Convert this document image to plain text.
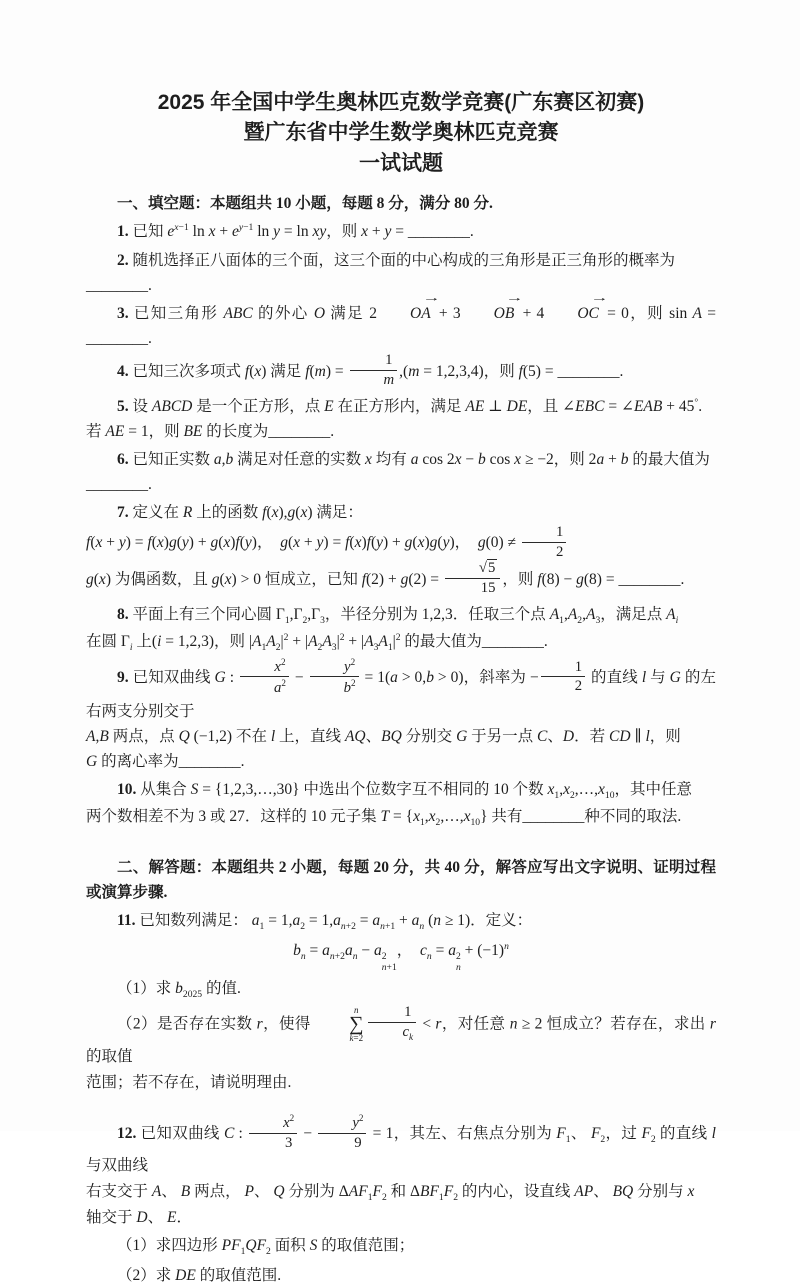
2025 年全国中学生奥林匹克数学竞赛(广东赛区初赛)
暨广东省中学生数学奥林匹克竞赛
一试试题

一、填空题：本题组共 10 小题，每题 8 分，满分 80 分.

1. 已知 $e^{x-1}$ $\ln x + e^{y-1}$ ln y = ln xy，则 x + y = ________.

2. 随机选择正八面体的三个面，这三个面的中心构成的三角形是正三角形的概率为
________.

3. 已知三角形 ABC 的外心 O 满足 2 → OA + 3 → OB + 4 → OC = 0，则 sin A = ________.

4. 已知三次多项式 f(x) 满足 $f(m) = \frac{1}{m} ,(m = 1,2,3,4)$，则 f(5) = ________.

5. 设 ABCD 是一个正方形，点 E 在正方形内，满足 AE ⊥ DE，且 ∠EBC = ∠EAB + 45°.
若 AE = 1，则 BE 的长度为________.

6. 已知正实数 a,b 满足对任意的实数 x 均有 a cos 2x − b cos x ≥ −2，则 2a + b 的最大值为
________.

7. 定义在 R 上的函数 f(x),g(x) 满足：
f(x + y) = f(x)g(y) + g(x)f(y)，  g(x + y) = f(x)f(y) + g(x)g(y)，  $g(0) \ne \frac{1}{2}$

g(x) 为偶函数，且 g(x) > 0 恒成立，已知 $f(2) + g(2) = \frac{√5}{15}$ ，则 f(8) − g(8) = ________.

8. 平面上有三个同心圆 $\Gamma_1,\Gamma_2,\Gamma_3$，半径分别为 1,2,3．任取三个点 $A_1,A_2,A_3$，满足点 $A_i$
在圆 $\Gamma_i$ 上(i = 1,2,3)，则 $|A_1A_2|^2 + |A_2A_3|^2 + |A_3A_1|^2$ 的最大值为________.

9. 已知双曲线 G : $\frac{x^2}{a^2} - \frac{y^2}{b^2} = 1(a > 0,b > 0)$，斜率为 − $\frac{1}{2}$ 的直线 l 与 G 的左右两支分别交于
A,B 两点，点 Q (−1,2) 不在 l 上，直线 AQ、BQ 分别交 G 于另一点 C、D．若 CD ∥ l，则
G 的离心率为________.

10. 从集合 S = {1,2,3,…,30} 中选出个位数字互不相同的 10 个数 $x_1,x_2,\dots,x_{10}$，其中任意
两个数相差不为 3 或 27．这样的 10 元子集 $T = \{x_1,x_2,\dots,x_{10}\}$ 共有________种不同的取法.

二、解答题：本题组共 2 小题，每题 20 分，共 40 分，解答应写出文字说明、证明过程或演算步骤.

11. 已知数列满足： $a_1 = 1,a_2 = 1,a_{n+2} = a_{n+1} + a_n$ (n ≥ 1)．定义：

$b_n = a_{n+2}a_n - a$ 2
n+1
，  $c_n = a$ 2
n
+ $(-1)^n$

（1）求 $b_{2025}$ 的值.

（2）是否存在实数 r，使得
n
∑
$k=2 \frac{1}{c_k} < r$，对任意 n ≥ 2 恒成立？若存在，求出 r 的取值
范围；若不存在，请说明理由.

12. 已知双曲线 C : $\frac{x^2}{3} - \frac{y^2}{9} = 1$，其左、右焦点分别为 $F_1$、 $F_2$，过 $F_2$ 的直线 l 与双曲线
右支交于 A、 B 两点， P、 Q 分别为 $\Delta AF_1F_2$ 和 $\Delta BF_1F_2$ 的内心，设直线 AP、 BQ 分别与 x
轴交于 D、 E．

（1）求四边形 $PF_1QF_2$ 面积 S 的取值范围；

（2）求 DE 的取值范围.
